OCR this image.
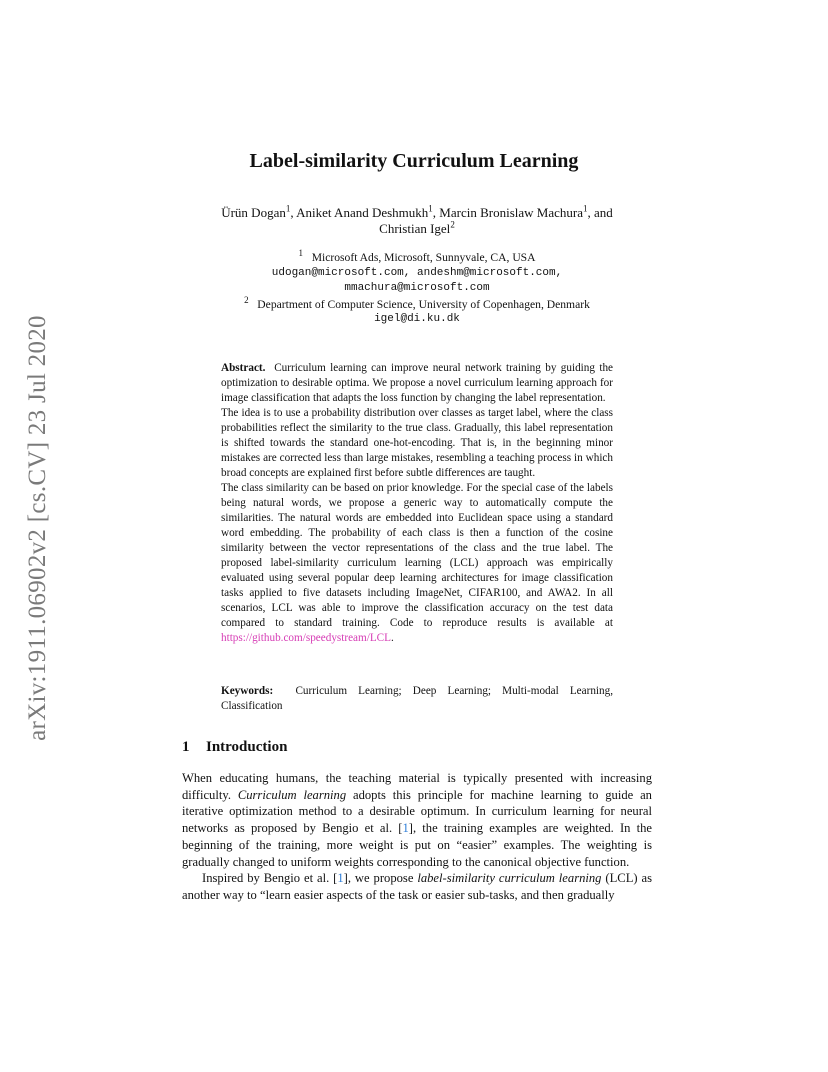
arXiv:1911.06902v2 [cs.CV] 23 Jul 2020
Label-similarity Curriculum Learning
Ürün Dogan$^1$, Aniket Anand Deshmukh$^1$, Marcin Bronislaw Machura$^1$, and
Christian Igel$^2$
$^1$ Microsoft Ads, Microsoft, Sunnyvale, CA, USA
udogan@microsoft.com, andeshm@microsoft.com,
mmachura@microsoft.com
$^2$ Department of Computer Science, University of Copenhagen, Denmark
igel@di.ku.dk

Abstract. Curriculum learning can improve neural network training by guiding the optimization to desirable optima. We propose a novel curriculum learning approach for image classification that adapts the loss function by changing the label representation.

The idea is to use a probability distribution over classes as target label, where the class probabilities reflect the similarity to the true class. Gradually, this label representation is shifted towards the standard one-hot-encoding. That is, in the beginning minor mistakes are corrected less than large mistakes, resembling a teaching process in which broad concepts are explained first before subtle differences are taught.

The class similarity can be based on prior knowledge. For the special case of the labels being natural words, we propose a generic way to automatically compute the similarities. The natural words are embedded into Euclidean space using a standard word embedding. The probability of each class is then a function of the cosine similarity between the vector representations of the class and the true label. The proposed label-similarity curriculum learning (LCL) approach was empirically evaluated using several popular deep learning architectures for image classification tasks applied to five datasets including ImageNet, CIFAR100, and AWA2. In all scenarios, LCL was able to improve the classification accuracy on the test data compared to standard training. Code to reproduce results is available at https://github.com/speedystream/LCL.

Keywords: Curriculum Learning; Deep Learning; Multi-modal Learning, Classification
1 Introduction

When educating humans, the teaching material is typically presented with increasing difficulty. Curriculum learning adopts this principle for machine learning to guide an iterative optimization method to a desirable optimum. In curriculum learning for neural networks as proposed by Bengio et al. [1], the training examples are weighted. In the beginning of the training, more weight is put on “easier” examples. The weighting is gradually changed to uniform weights corresponding to the canonical objective function.

Inspired by Bengio et al. [1], we propose label-similarity curriculum learning (LCL) as another way to “learn easier aspects of the task or easier sub-tasks, and then gradually
